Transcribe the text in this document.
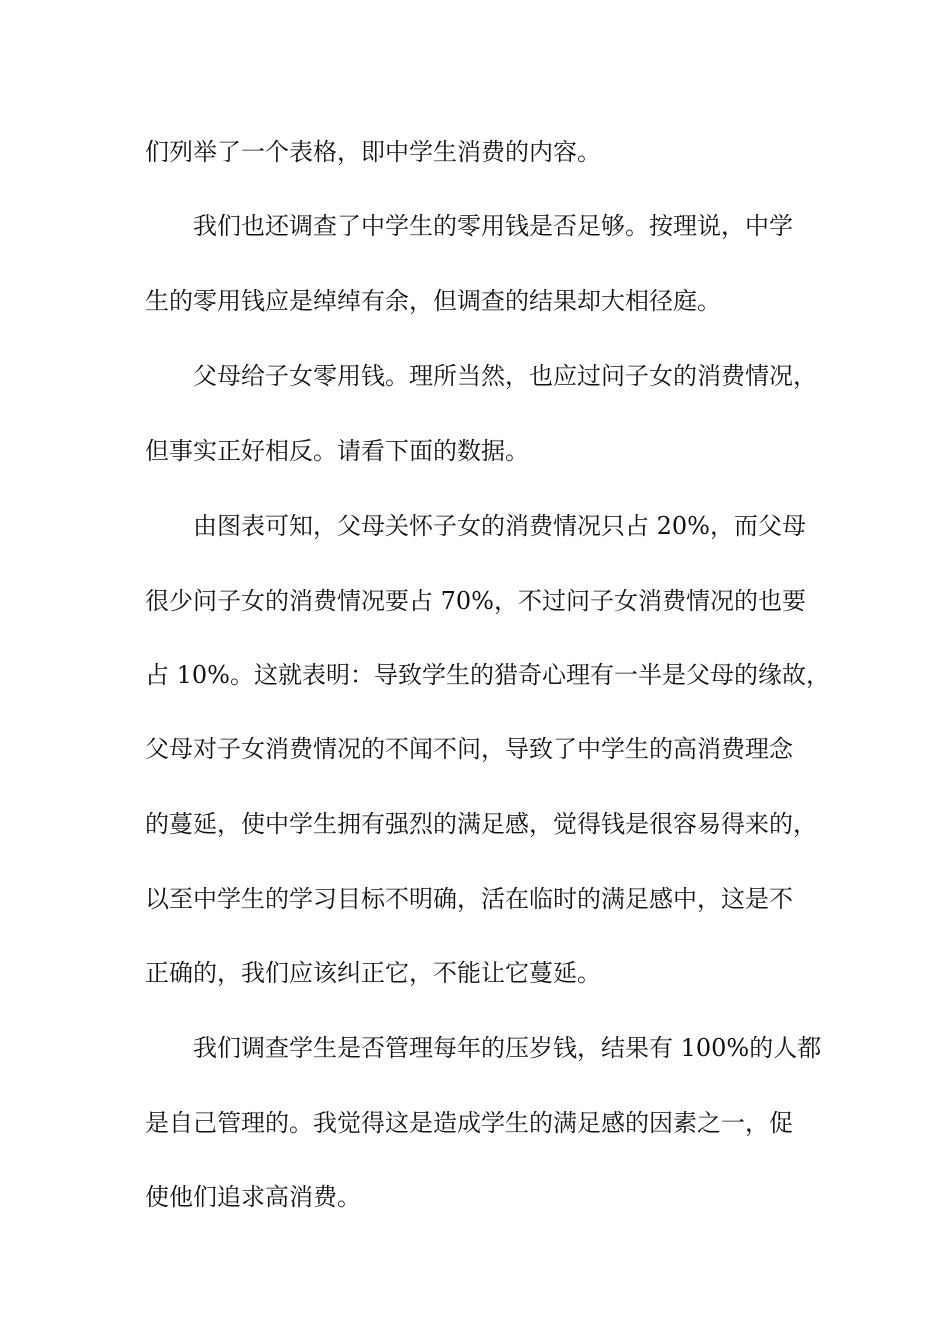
们列举了一个表格，即中学生消费的内容。
我们也还调查了中学生的零用钱是否足够。按理说，中学
生的零用钱应是绰绰有余，但调查的结果却大相径庭。
父母给子女零用钱。理所当然，也应过问子女的消费情况，
但事实正好相反。请看下面的数据。
由图表可知，父母关怀子女的消费情况只占 20%，而父母
很少问子女的消费情况要占 70%，不过问子女消费情况的也要
占 10%。这就表明：导致学生的猎奇心理有一半是父母的缘故，
父母对子女消费情况的不闻不问，导致了中学生的高消费理念
的蔓延，使中学生拥有强烈的满足感，觉得钱是很容易得来的，
以至中学生的学习目标不明确，活在临时的满足感中，这是不
正确的，我们应该纠正它，不能让它蔓延。
我们调查学生是否管理每年的压岁钱，结果有 100%的人都
是自己管理的。我觉得这是造成学生的满足感的因素之一，促
使他们追求高消费。
